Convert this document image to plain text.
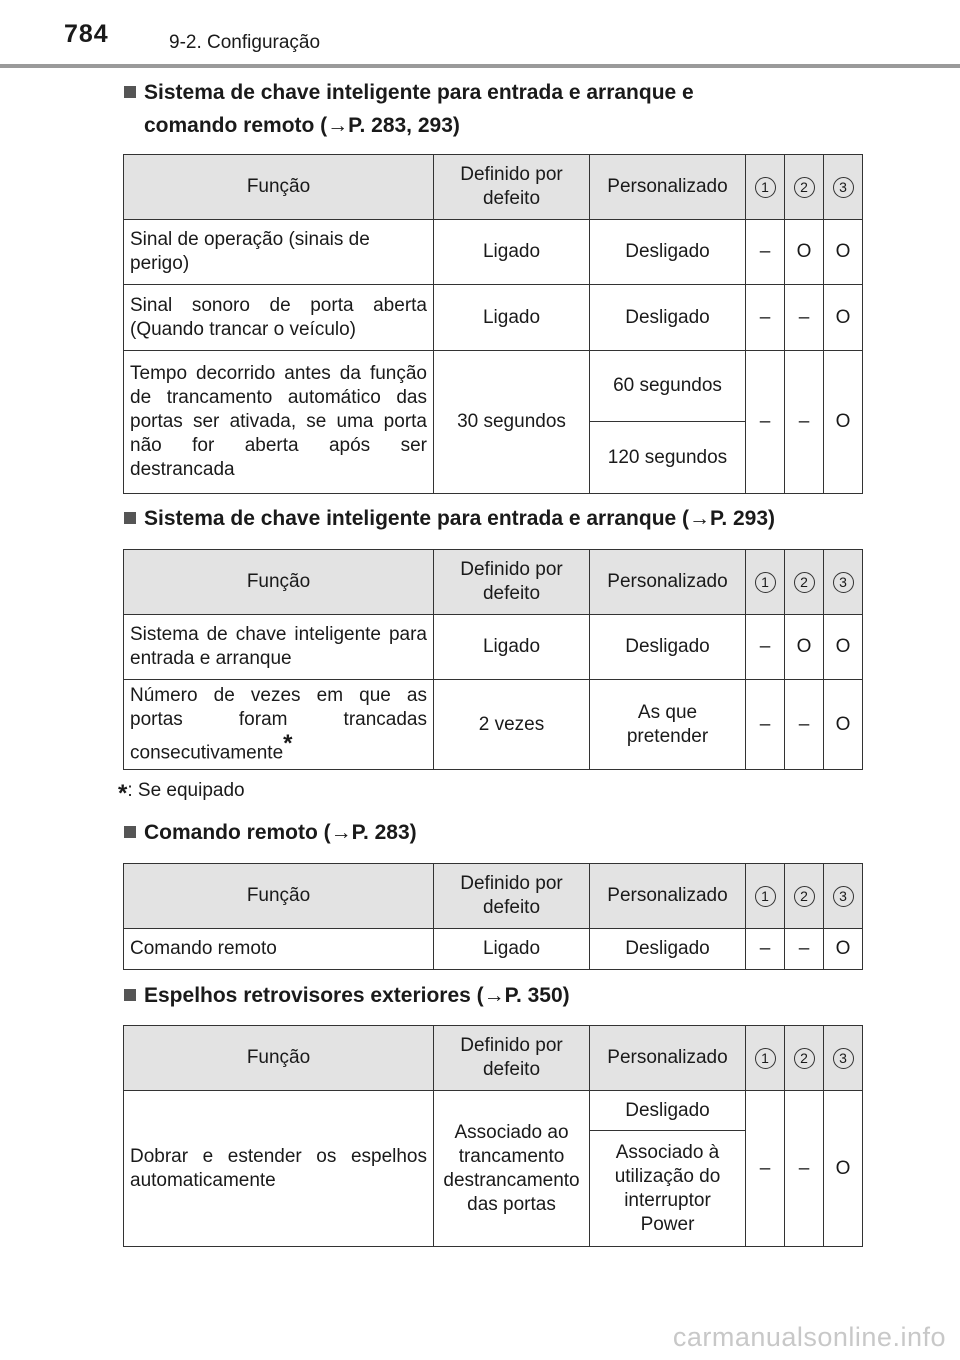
784	9-2. Configuração
Sistema de chave inteligente para entrada e arranque e
comando remoto (→P. 283, 293)
Função	Definido por defeito	Personalizado	1	2	3
Sinal de operação (sinais de perigo)	Ligado	Desligado	–	O	O
Sinal sonoro de porta aberta (Quando trancar o veículo)	Ligado	Desligado	–	–	O
Tempo decorrido antes da função de trancamento automático das portas ser ativada, se uma porta não for aberta após ser destrancada	30 segundos	60 segundos	–	–	O
		120 segundos			
Sistema de chave inteligente para entrada e arranque (→P. 293)
Função	Definido por defeito	Personalizado	1	2	3
Sistema de chave inteligente para entrada e arranque	Ligado	Desligado	–	O	O
Número de vezes em que as portas foram trancadas consecutivamente*	2 vezes	As que pretender	–	–	O
*: Se equipado
Comando remoto (→P. 283)
Função	Definido por defeito	Personalizado	1	2	3
Comando remoto	Ligado	Desligado	–	–	O
Espelhos retrovisores exteriores (→P. 350)
Função	Definido por defeito	Personalizado	1	2	3
Dobrar e estender os espelhos automaticamente	Associado ao trancamento destrancamento das portas	Desligado	–	–	O
		Associado à utilização do interruptor Power			
carmanualsonline.info
